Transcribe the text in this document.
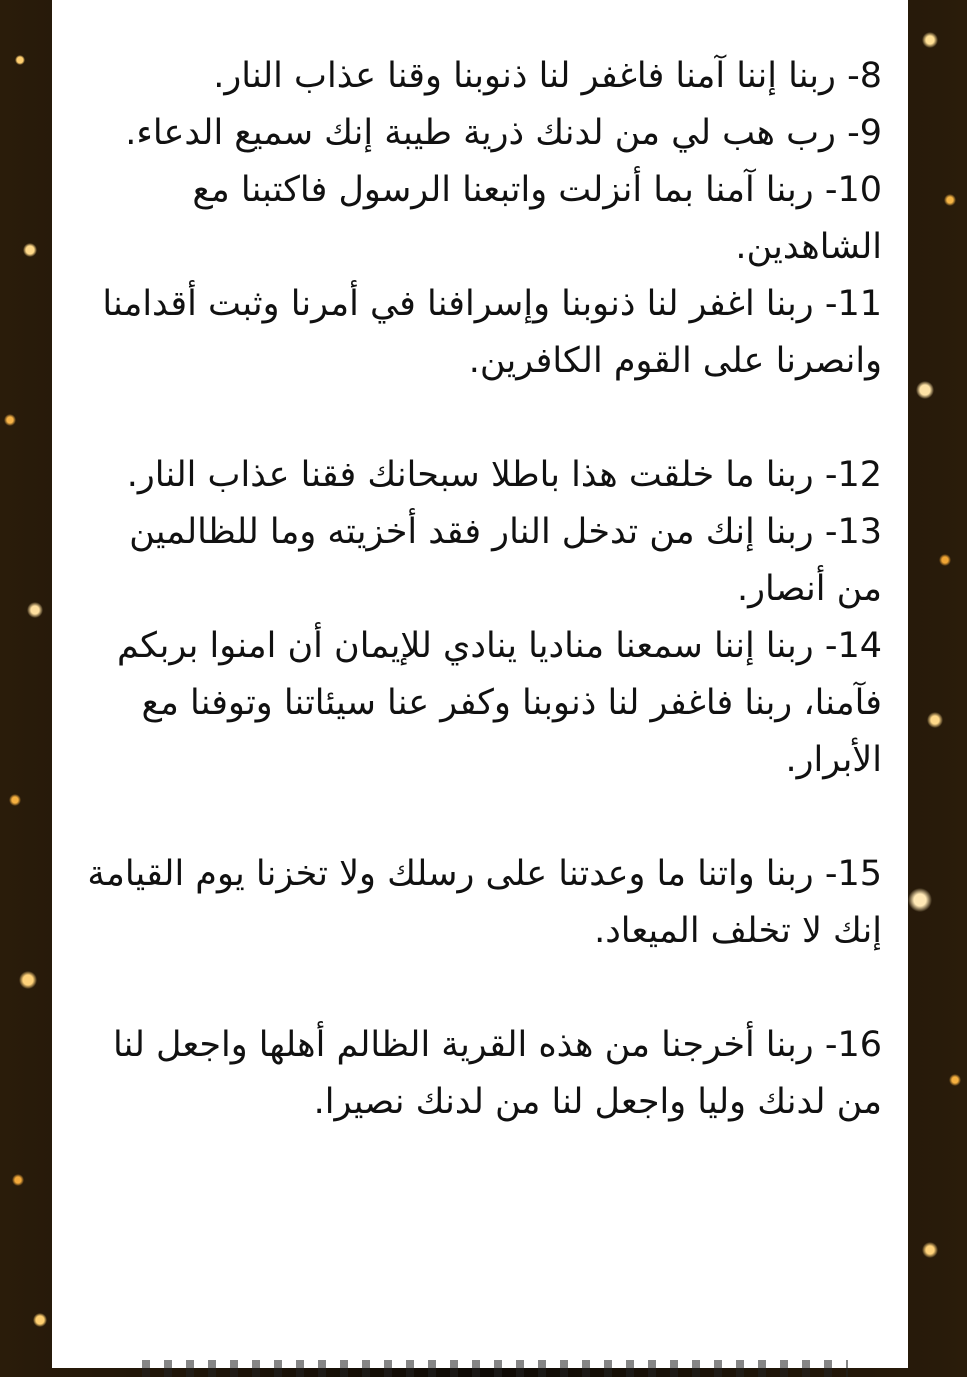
8- ربنا إننا آمنا فاغفر لنا ذنوبنا وقنا عذاب النار.
9- رب هب لي من لدنك ذرية طيبة إنك سميع الدعاء.
10- ربنا آمنا بما أنزلت واتبعنا الرسول فاكتبنا مع الشاهدين.
11- ربنا اغفر لنا ذنوبنا وإسرافنا في أمرنا وثبت أقدامنا وانصرنا على القوم الكافرين.
12- ربنا ما خلقت هذا باطلا سبحانك فقنا عذاب النار.
13- ربنا إنك من تدخل النار فقد أخزيته وما للظالمين من أنصار.
14- ربنا إننا سمعنا مناديا ينادي للإيمان أن امنوا بربكم فآمنا، ربنا فاغفر لنا ذنوبنا وكفر عنا سيئاتنا وتوفنا مع الأبرار.
15- ربنا واتنا ما وعدتنا على رسلك ولا تخزنا يوم القيامة إنك لا تخلف الميعاد.
16- ربنا أخرجنا من هذه القرية الظالم أهلها واجعل لنا من لدنك وليا واجعل لنا من لدنك نصيرا.
